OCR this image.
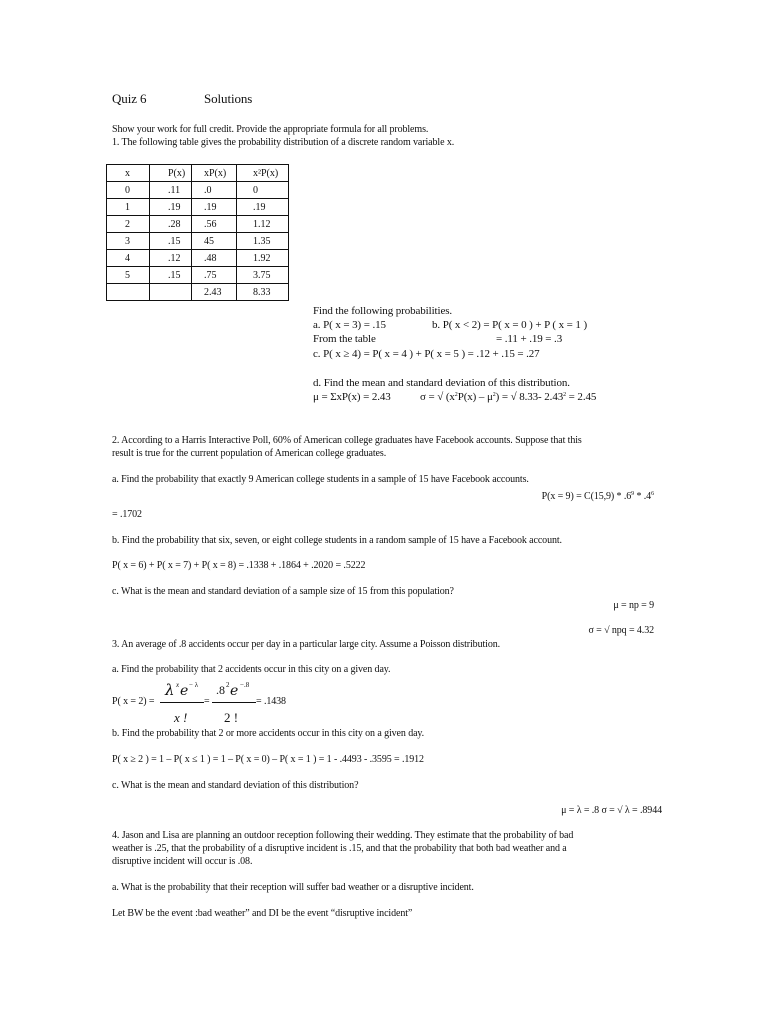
Quiz 6	Solutions
Show your work for full credit. Provide the appropriate formula for all problems.
1. The following table gives the probability distribution of a discrete random variable x.
x	P(x)	xP(x)	x²P(x)
0	.11	.0	0
1	.19	.19	.19
2	.28	.56	1.12
3	.15	45	1.35
4	.12	.48	1.92
5	.15	.75	3.75
		2.43	8.33
Find the following probabilities.
a. P( x = 3) = .15	b. P( x < 2) = P( x = 0 ) + P ( x = 1 )
From the table	= .11 + .19 = .3
c. P( x ≥ 4) = P( x = 4 ) + P( x = 5 ) = .12 + .15 = .27
d. Find the mean and standard deviation of this distribution.
μ = ΣxP(x) = 2.43	σ = √ $(x^2P(x) - \mu^2)$ = √ 8.33- $2.43^2 = 2.45$
2. According to a Harris Interactive Poll, 60% of American college graduates have Facebook accounts. Suppose that this
result is true for the current population of American college graduates.
a. Find the probability that exactly 9 American college students in a sample of 15 have Facebook accounts.
$P(x = 9) = C(15,9) * .6^9 * .4^6$
= .1702
b. Find the probability that six, seven, or eight college students in a random sample of 15 have a Facebook account.
P( x = 6) + P( x = 7) + P( x = 8) = .1338 + .1864 + .2020 = .5222
c. What is the mean and standard deviation of a sample size of 15 from this population?
μ = np = 9
σ = √ npq = 4.32
3. An average of .8 accidents occur per day in a particular large city. Assume a Poisson distribution.
a. Find the probability that 2 accidents occur in this city on a given day.
P( x = 2) =
λ x e − λ
x !
=
.8 2 e −.8
2 !
= .1438
b. Find the probability that 2 or more accidents occur in this city on a given day.
P( x ≥ 2 ) = 1 – P( x ≤ 1 ) = 1 – P( x = 0) – P( x = 1 ) = 1 - .4493 - .3595 = .1912
c. What is the mean and standard deviation of this distribution?
μ = λ = .8 σ = √ λ = .8944
4. Jason and Lisa are planning an outdoor reception following their wedding. They estimate that the probability of bad
weather is .25, that the probability of a disruptive incident is .15, and that the probability that both bad weather and a
disruptive incident will occur is .08.
a. What is the probability that their reception will suffer bad weather or a disruptive incident.
Let BW be the event :bad weather” and DI be the event “disruptive incident”
